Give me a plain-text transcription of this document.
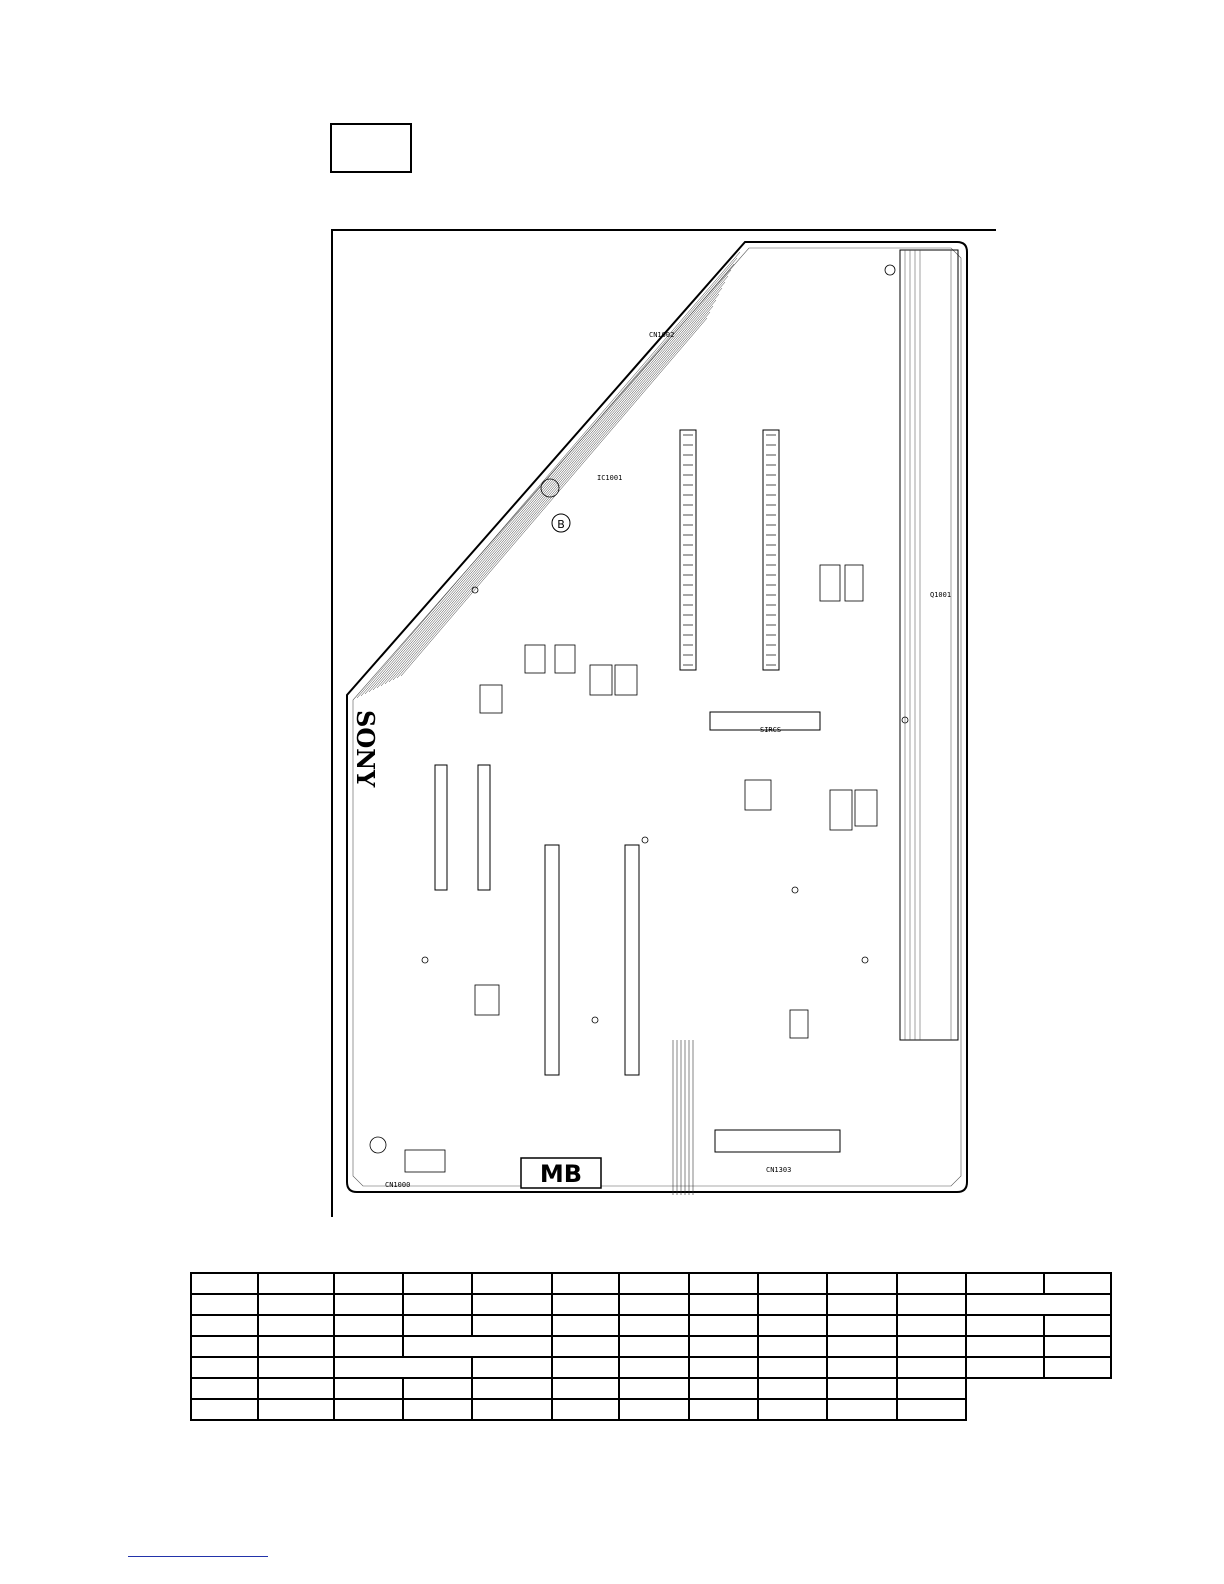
CN1002
IC1001
CN1303
CN1000
Q1001
SIRCS
SONY
MB
B
